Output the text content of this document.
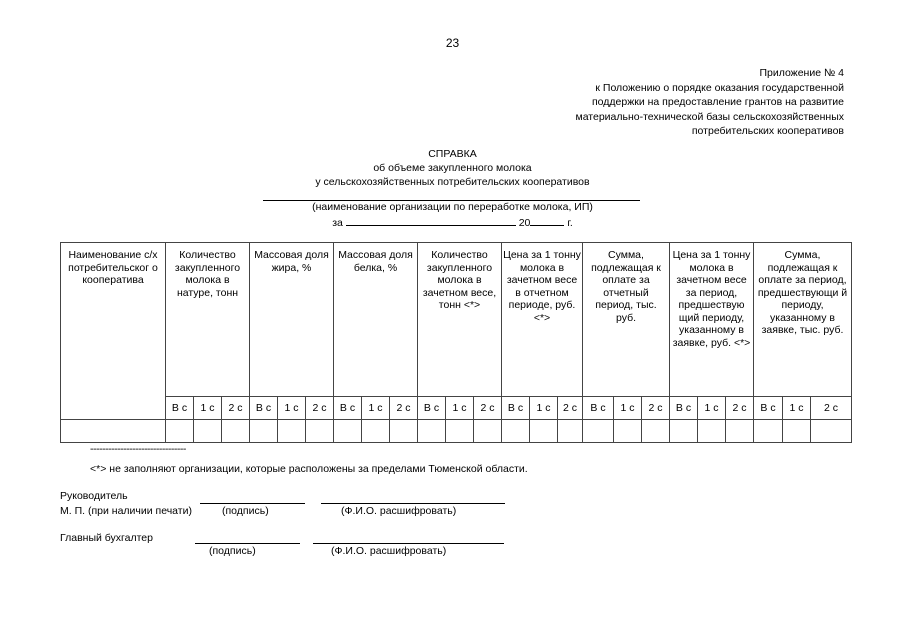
23
Приложение № 4
к Положению о порядке оказания государственной
поддержки на предоставление грантов на развитие
материально-технической базы сельскохозяйственных
потребительских кооперативов
СПРАВКА
об объеме закупленного молока
у сельскохозяйственных потребительских кооперативов
(наименование организации по переработке молока, ИП)
за	20	г.
Наименование с/х потребительског о кооператива	Количество закупленного молока в натуре, тонн			Массовая доля жира, %			Массовая доля белка, %			Количество закупленного молока в зачетном весе, тонн <*>			Цена за 1 тонну молока в зачетном весе в отчетном периоде, руб. <*>			Сумма, подлежащая к оплате за отчетный период, тыс. руб.			Цена за 1 тонну молока в зачетном весе за период, предшествую щий периоду, указанному в заявке, руб. <*>			Сумма, подлежащая к оплате за период, предшествующи й периоду, указанному в заявке, тыс. руб.		
	В с	1 с	2 с	В с	1 с	2 с	В с	1 с	2 с	В с	1 с	2 с	В с	1 с	2 с	В с	1 с	2 с	В с	1 с	2 с	В с	1 с	2 с

--------------------------------
<*> не заполняют организации, которые расположены за пределами Тюменской области.
Руководитель
М. П. (при наличии печати)	(подпись)	(Ф.И.О. расшифровать)
Главный бухгалтер
(подпись)	(Ф.И.О. расшифровать)
